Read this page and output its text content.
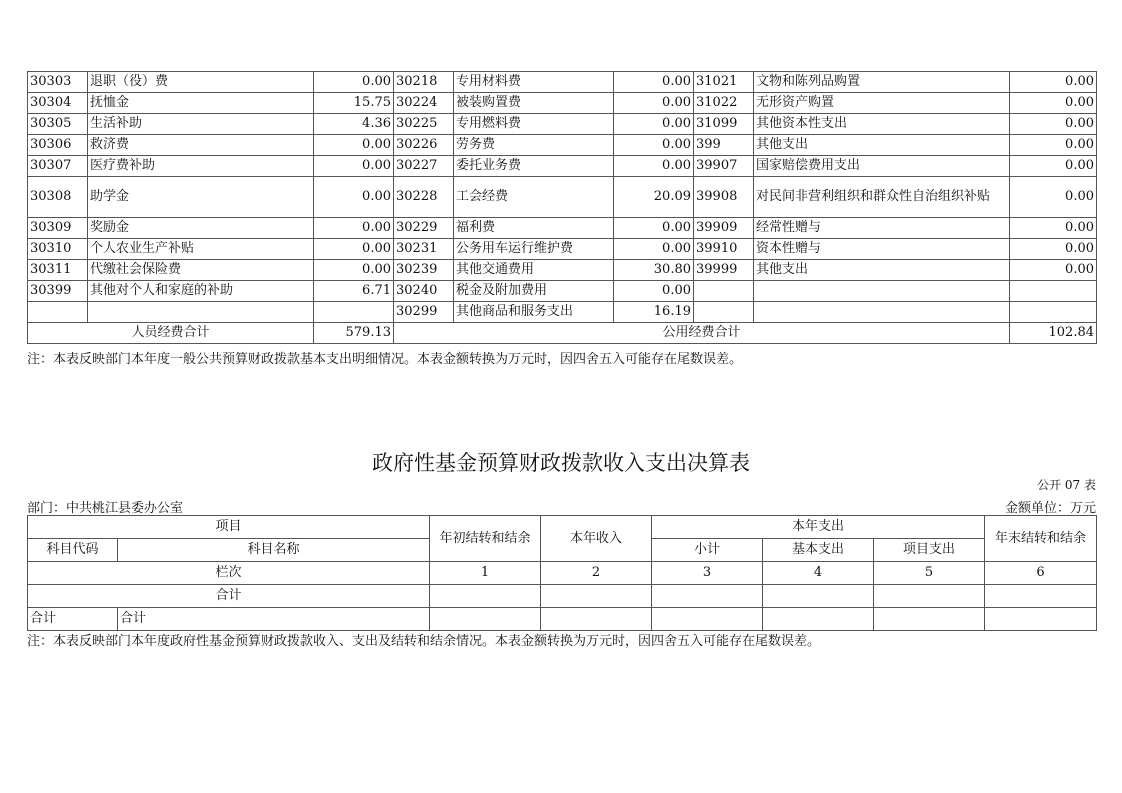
30303	退职（役）费	0.00	30218	专用材料费	0.00	31021	文物和陈列品购置	0.00
30304	抚恤金	15.75	30224	被装购置费	0.00	31022	无形资产购置	0.00
30305	生活补助	4.36	30225	专用燃料费	0.00	31099	其他资本性支出	0.00
30306	救济费	0.00	30226	劳务费	0.00	399	其他支出	0.00
30307	医疗费补助	0.00	30227	委托业务费	0.00	39907	国家赔偿费用支出	0.00
30308	助学金	0.00	30228	工会经费	20.09	39908	对民间非营利组织和群众性自治组织补贴	0.00
30309	奖励金	0.00	30229	福利费	0.00	39909	经常性赠与	0.00
30310	个人农业生产补贴	0.00	30231	公务用车运行维护费	0.00	39910	资本性赠与	0.00
30311	代缴社会保险费	0.00	30239	其他交通费用	30.80	39999	其他支出	0.00
30399	其他对个人和家庭的补助	6.71	30240	税金及附加费用	0.00			
			30299	其他商品和服务支出	16.19			
人员经费合计		579.13	公用经费合计					102.84
注：本表反映部门本年度一般公共预算财政拨款基本支出明细情况。本表金额转换为万元时，因四舍五入可能存在尾数误差。
政府性基金预算财政拨款收入支出决算表
公开 07 表
部门：中共桃江县委办公室	金额单位：万元
项目		年初结转和结余	本年收入	本年支出			年末结转和结余
科目代码	科目名称			小计	基本支出	项目支出	
栏次		1	2	3	4	5	6
合计							
合计	合计						
注：本表反映部门本年度政府性基金预算财政拨款收入、支出及结转和结余情况。本表金额转换为万元时，因四舍五入可能存在尾数误差。
